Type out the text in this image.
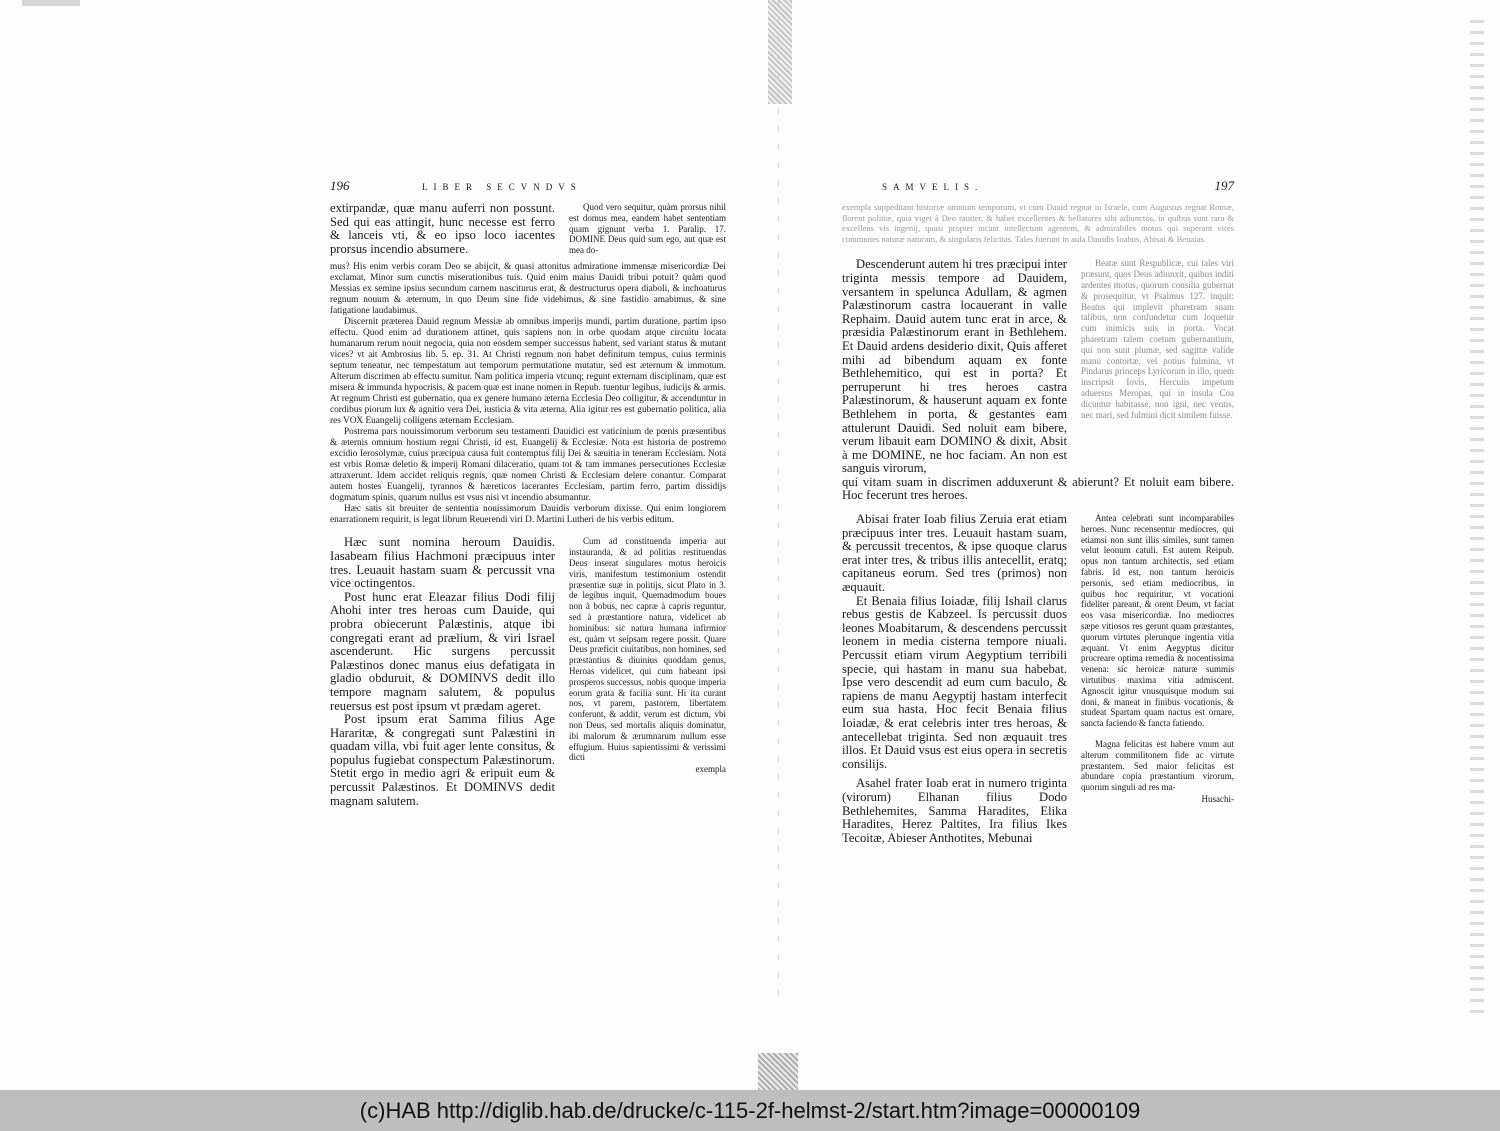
196	LIBER SECVNDVS

extirpandæ, quæ manu auferri non possunt. Sed qui eas attingit, hunc necesse est ferro & lanceis vti, & eo ipso loco iacentes prorsus incendio absumere.

Quod vero sequitur, quàm prorsus nihil est domus mea, eandem habet sententiam quam gignunt verba 1. Paralip. 17. DOMINE Deus quid sum ego, aut quæ est mea do-

mus? His enim verbis coram Deo se abijcit, & quasi attonitus admiratione immensæ misericordiæ Dei exclamat, Minor sum cunctis miserationibus tuis. Quid enim maius Dauidi tribui potuit? quàm quod Messias ex semine ipsius secundum carnem nasciturus erat, & destructurus opera diaboli, & inchoaturus regnum nouum & æternum, in quo Deum sine fide videbimus, & sine fastidio amabimus, & sine fatigatione laudabimus.

Discernit præterea Dauid regnum Messiæ ab omnibus imperijs mundi, partim duratione, partim ipso effectu. Quod enim ad durationem attinet, quis sapiens non in orbe quodam atque circuitu locata humanarum rerum nouit negocia, quia non eosdem semper successus habent, sed variant status & mutant vices? vt ait Ambrosius lib. 5. ep. 31. At Christi regnum non habet definitum tempus, cuius terminis septum teneatur, nec tempestatum aut temporum permutatione mutatur, sed est æternum & immotum. Alterum discrimen ab effectu sumitur. Nam politica imperia vtcunq; regunt externam disciplinam, quæ est misera & immunda hypocrisis, & pacem quæ est inane nomen in Repub. tuentur legibus, iudicijs & armis. At regnum Christi est gubernatio, qua ex genere humano æterna Ecclesia Deo colligitur, & accenduntur in cordibus piorum lux & agnitio vera Dei, iusticia & vita æterna. Alia igitur res est gubernatio politica, alia res VOX Euangelij colligens æternam Ecclesiam.

Postrema pars nouissimorum verborum seu testamenti Dauidici est vaticinium de pœnis præsentibus & æternis omnium hostium regni Christi, id est, Euangelij & Ecclesiæ. Nota est historia de postremo excidio Ierosolymæ, cuius præcipua causa fuit contemptus filij Dei & sæuitia in teneram Ecclesiam. Nota est vrbis Romæ deletio & imperij Romani dilaceratio, quam tot & tam immanes persecutiones Ecclesiæ attraxerunt. Idem accidet reliquis regnis, quæ nomen Christi & Ecclesiam delere conantur. Comparat autem hostes Euangelij, tyrannos & hæreticos lacerantes Ecclesiam, partim ferro, partim dissidijs dogmatum spinis, quarum nullus est vsus nisi vt incendio absumantur.

Hæc satis sit breuiter de sententia nouissimorum Dauidis verborum dixisse. Qui enim longiorem enarrationem requirit, is legat librum Reuerendi viri D. Martini Lutheri de his verbis editum.

Hæc sunt nomina heroum Dauidis. Iasabeam filius Hachmoni præcipuus inter tres. Leuauit hastam suam & percussit vna vice octingentos.

Post hunc erat Eleazar filius Dodi filij Ahohi inter tres heroas cum Dauide, qui probra obiecerunt Palæstinis, atque ibi congregati erant ad prælium, & viri Israel ascenderunt. Hic surgens percussit Palæstinos donec manus eius defatigata in gladio obduruit, & DOMINVS dedit illo tempore magnam salutem, & populus reuersus est post ipsum vt prædam ageret.

Post ipsum erat Samma filius Age Hararitæ, & congregati sunt Palæstini in quadam villa, vbi fuit ager lente consitus, & populus fugiebat conspectum Palæstinorum. Stetit ergo in medio agri & eripuit eum & percussit Palæstinos. Et DOMINVS dedit magnam salutem.

Cum ad constituenda imperia aut instauranda, & ad politias restituendas Deus inserat singulares motus heroicis viris, manifestum testimonium ostendit præsentiæ suæ in politijs, sicut Plato in 3. de legibus inquit, Quemadmodum boues non à bobus, nec capræ à capris reguntur, sed à præstantiore natura, videlicet ab hominibus: sic natura humana infirmior est, quàm vt seipsam regere possit. Quare Deus præficit ciuitatibus, non homines, sed præstantius & diuinius quoddam genus, Heroas videlicet, qui cum habeant ipsi prosperos successus, nobis quoque imperia eorum grata & facilia sunt. Hi ita curant nos, vt parem, pastorem, libertatem conferunt, & addit, verum est dictum, vbi non Deus, sed mortalis aliquis dominatur, ibi malorum & ærumnarum nullum esse effugium. Huius sapientissimi & verissimi dicti

exempla
SAMVELIS.	197
exempla suppeditant historiæ omnium temporum, vt cum Dauid regnat in Israele, cum Augustus regnat Romæ, florent politiæ, quia viget à Deo rauiter, & habet excellentes & bellatores sibi adiunctos, in quibus sunt rara & excellens vis ingenij, quasi propter incant intellectum agentem, & admirabiles motus qui superant vires communes naturæ naturam, & singularis felicitas. Tales fuerunt in aula Dauidis Ioabus, Abisai & Benaias.

Descenderunt autem hi tres præcipui inter triginta messis tempore ad Dauidem, versantem in spelunca Adullam, & agmen Palæstinorum castra locauerant in valle Rephaim. Dauid autem tunc erat in arce, & præsidia Palæstinorum erant in Bethlehem. Et Dauid ardens desiderio dixit, Quis afferet mihi ad bibendum aquam ex fonte Bethlehemitico, qui est in porta? Et perruperunt hi tres heroes castra Palæstinorum, & hauserunt aquam ex fonte Bethlehem in porta, & gestantes eam attulerunt Dauidi. Sed noluit eam bibere, verum libauit eam DOMINO & dixit, Absit à me DOMINE, ne hoc faciam. An non est sanguis virorum,

Beatæ sunt Respublicæ, cui tales viri præsunt, quos Deus adiunxit, quibus inditi ardentes motus, quorum consilia gubernat & prosequitur, vt Psalmus 127. inquit: Beatus qui implevit pharetram suam talibus, non confundetur cum loquetur cum inimicis suis in porta. Vocat pharetram talem coetum gubernantium, qui non sunt plumæ, sed sagittæ valide manu contortæ, vel potius fulmina, vt Pindarus princeps Lyricorum in illo, quem inscripsit Iovis, Herculis impetum aduersus Meropas, qui in insula Coa dicuntur habitasse, non igni, nec ventis, nec mari, sed fulmini dicit similem fuisse.

qui vitam suam in discrimen adduxerunt & abierunt? Et noluit eam bibere. Hoc fecerunt tres heroes.

Abisai frater Ioab filius Zeruia erat etiam præcipuus inter tres. Leuauit hastam suam, & percussit trecentos, & ipse quoque clarus erat inter tres, & tribus illis antecellit, eratq; capitaneus eorum. Sed tres (primos) non æquauit.

Et Benaia filius Ioiadæ, filij Ishail clarus rebus gestis de Kabzeel. Is percussit duos leones Moabitarum, & descendens percussit leonem in media cisterna tempore niuali. Percussit etiam virum Aegyptium terribili specie, qui hastam in manu sua habebat. Ipse vero descendit ad eum cum baculo, & rapiens de manu Aegyptij hastam interfecit eum sua hasta. Hoc fecit Benaia filius Ioiadæ, & erat celebris inter tres heroas, & antecellebat triginta. Sed non æquauit tres illos. Et Dauid vsus est eius opera in secretis consilijs.

Asahel frater Ioab erat in numero triginta (virorum) Elhanan filius Dodo Bethlehemites, Samma Haradites, Elika Haradites, Herez Paltites, Ira filius Ikes Tecoitæ, Abieser Anthotites, Mebunai

Antea celebrati sunt incomparabiles heroes. Nunc recensentur mediocres, qui etiamsi non sunt illis similes, sunt tamen velut leonum catuli. Est autem Reipub. opus non tantum architectis, sed etiam fabris. Id est, non tantum heroicis personis, sed etiam mediocribus, in quibus hoc requiritur, vt vocationi fideliter pareant, & orent Deum, vt faciat eos vasa misericordiæ. Ino mediocres sæpe vitiosos res gerunt quam præstantes, quorum virtutes plerunque ingentia vitia æquant. Vt enim Aegyptus dicitur procreare optima remedia & nocentissima venena: sic heroicæ naturæ summis virtutibus maxima vitia admiscent. Agnoscit igitur vnusquisque modum sui doni, & maneat in finibus vocationis, & studeat Spartam quam nactus est ornare, sancta faciendo & fancta fatiendo.

Magna felicitas est habere vnum aut alterum commilitonem fide ac virtute præstantem. Sed maior felicitas est abundare copia præstantium virorum, quorum singuli ad res ma-

Husachi-
(c)HAB http://diglib.hab.de/drucke/c-115-2f-helmst-2/start.htm?image=00000109
